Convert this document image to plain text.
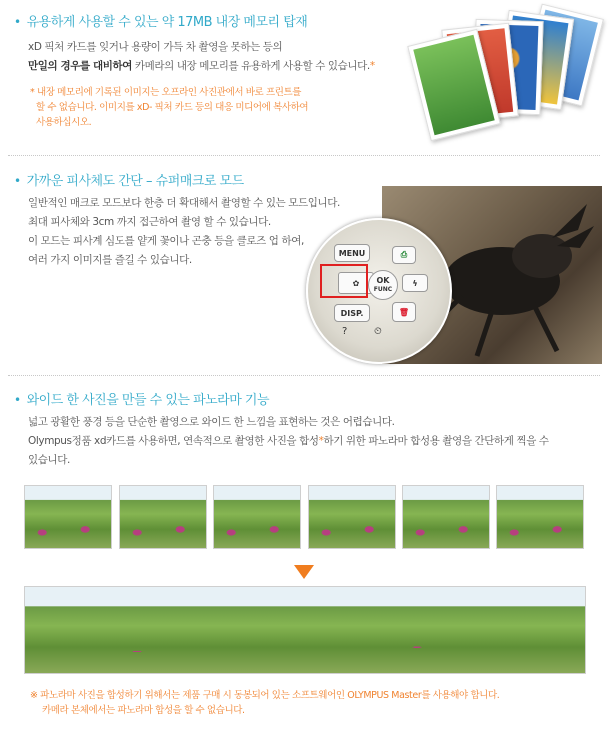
• 유용하게 사용할 수 있는 약 17MB 내장 메모리 탑재

xD 픽처 카드를 잊거나 용량이 가득 차 촬영을 못하는 등의

만일의 경우를 대비하여 카메라의 내장 메모리를 유용하게 사용할 수 있습니다.*

* 내장 메모리에 기록된 이미지는 오프라인 사진관에서 바로 프린트를

할 수 없습니다. 이미지를 xD- 픽처 카드 등의 대응 미디어에 복사하여

사용하십시오.

• 가까운 피사체도 간단 – 슈퍼매크로 모드

일반적인 매크로 모드보다 한층 더 확대해서 촬영할 수 있는 모드입니다.

최대 피사체와 3cm 까지 접근하여 촬영 할 수 있습니다.

이 모드는 피사계 심도를 얕게 꽃이나 곤충 등을 클로즈 업 하여,

여러 가지 이미지를 즐길 수 있습니다.

MENU	⎙
✿ OK
FUNC
ϟ
DISP.	🗑
?	⏲
• 와이드 한 사진을 만들 수 있는 파노라마 기능

넓고 광활한 풍경 등을 단순한 촬영으로 와이드 한 느낌을 표현하는 것은 어렵습니다.

Olympus정품 xd카드를 사용하면, 연속적으로 촬영한 사진을 합성*하기 위한 파노라마 합성용 촬영을 간단하게 찍을 수

있습니다.

※ 파노라마 사진을 합성하기 위해서는 제품 구매 시 동봉되어 있는 소프트웨어인 OLYMPUS Master를 사용해야 합니다.

카메라 본체에서는 파노라마 합성을 할 수 없습니다.
